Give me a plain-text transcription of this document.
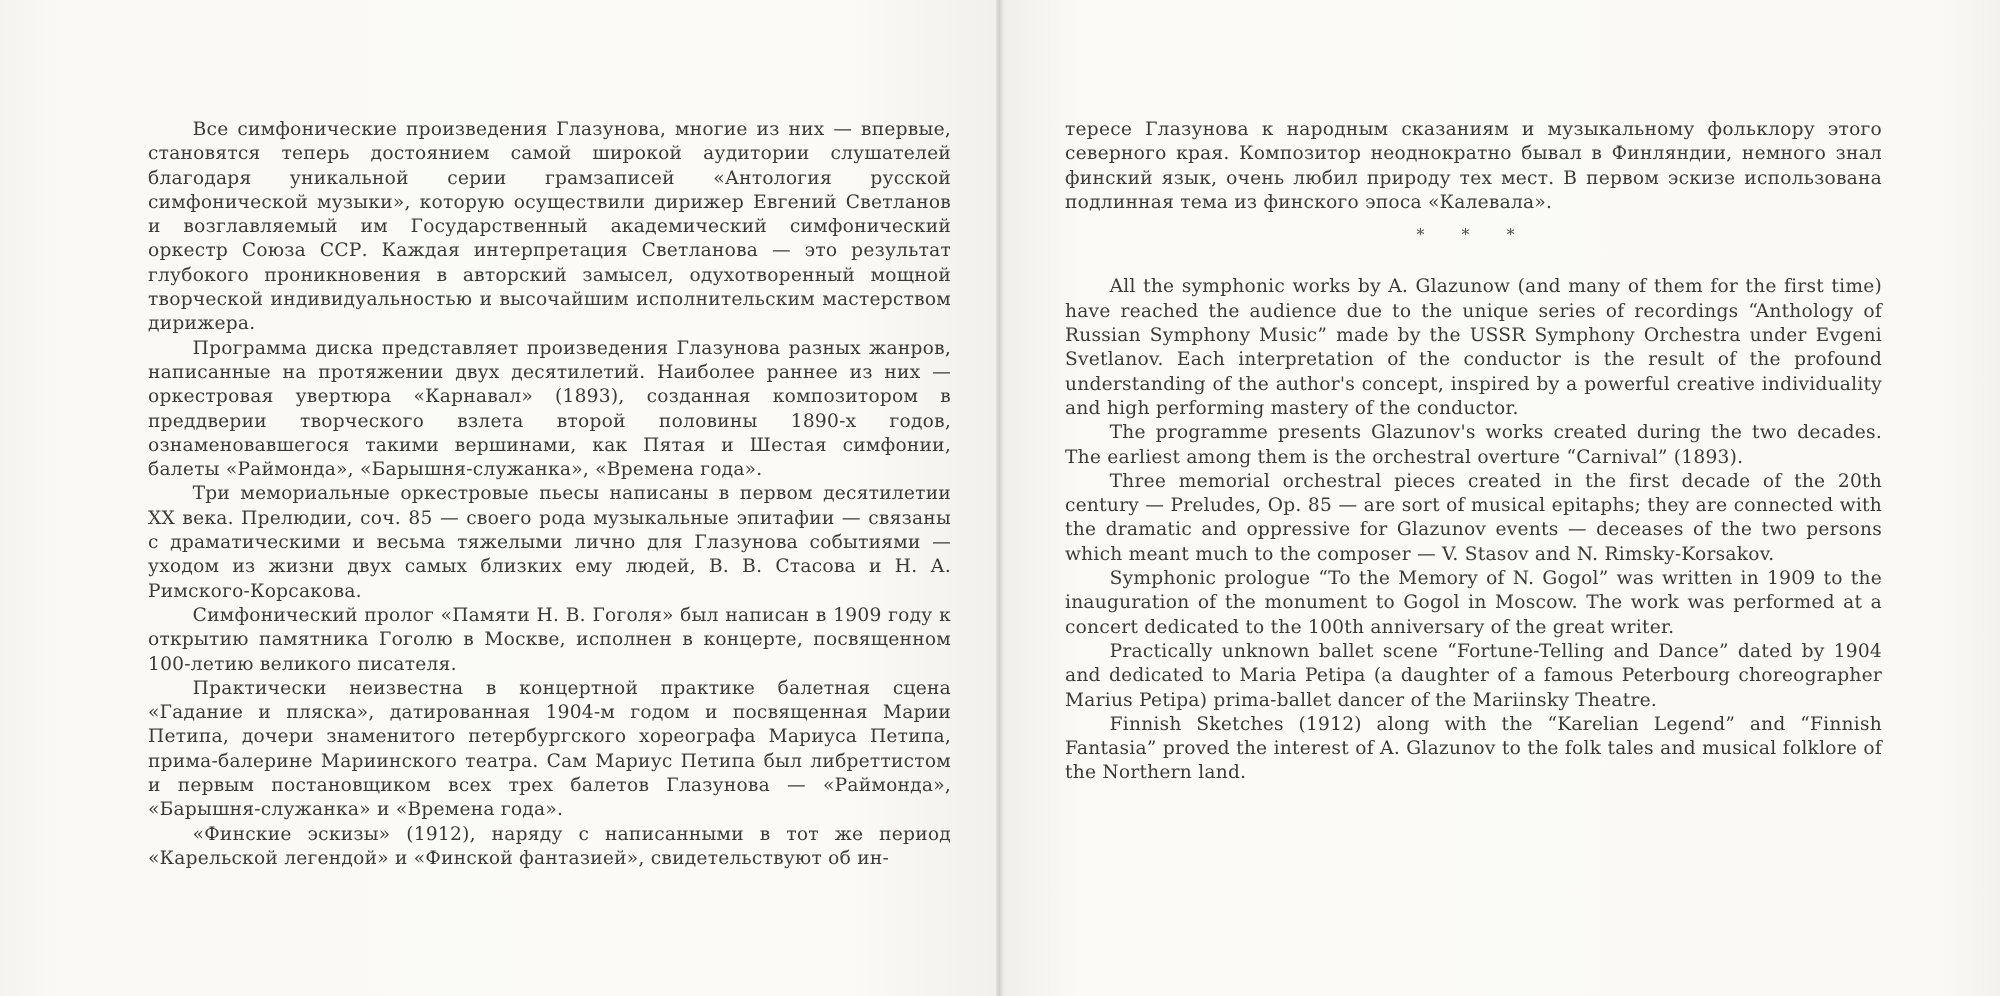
Все симфонические произведения Глазунова, многие из них — впервые, становятся теперь достоянием самой широкой аудитории слушателей благодаря уникальной серии грамзаписей «Антология русской симфонической музыки», которую осуществили дирижер Евгений Светланов и возглавляемый им Государственный академический симфонический оркестр Союза ССР. Каждая интерпретация Светланова — это результат глубокого проникновения в авторский замысел, одухотворенный мощной творческой индивидуальностью и высочайшим исполнительским мастерством дирижера.

Программа диска представляет произведения Глазунова разных жанров, написанные на протяжении двух десятилетий. Наиболее раннее из них — оркестровая увертюра «Карнавал» (1893), созданная композитором в преддверии творческого взлета второй половины 1890-х годов, ознаменовавшегося такими вершинами, как Пятая и Шестая симфонии, балеты «Раймонда», «Барышня-служанка», «Времена года».

Три мемориальные оркестровые пьесы написаны в первом десятилетии XX века. Прелюдии, соч. 85 — своего рода музыкальные эпитафии — связаны с драматическими и весьма тяжелыми лично для Глазунова событиями — уходом из жизни двух самых близких ему людей, В. В. Стасова и Н. А. Римского-Корсакова.

Симфонический пролог «Памяти Н. В. Гоголя» был написан в 1909 году к открытию памятника Гоголю в Москве, исполнен в концерте, посвященном 100-летию великого писателя.

Практически неизвестна в концертной практике балетная сцена «Гадание и пляска», датированная 1904-м годом и посвященная Марии Петипа, дочери знаменитого петербургского хореографа Мариуса Петипа, прима-балерине Мариинского театра. Сам Мариус Петипа был либреттистом и первым постановщиком всех трех балетов Глазунова — «Раймонда», «Барышня-служанка» и «Времена года».

«Финские эскизы» (1912), наряду с написанными в тот же период «Карельской легендой» и «Финской фантазией», свидетельствуют об ин-

тересе Глазунова к народным сказаниям и музыкальному фольклору этого северного края. Композитор неоднократно бывал в Финляндии, немного знал финский язык, очень любил природу тех мест. В первом эскизе использована подлинная тема из финского эпоса «Калевала».

* * *

All the symphonic works by A. Glazunow (and many of them for the first time) have reached the audience due to the unique series of recordings “Anthology of Russian Symphony Music” made by the USSR Symphony Orchestra under Evgeni Svetlanov. Each interpretation of the conductor is the result of the profound understanding of the author's concept, inspired by a powerful creative individuality and high performing mastery of the conductor.

The programme presents Glazunov's works created during the two decades. The earliest among them is the orchestral overture “Carnival” (1893).

Three memorial orchestral pieces created in the first decade of the 20th century — Preludes, Op. 85 — are sort of musical epitaphs; they are connected with the dramatic and oppressive for Glazunov events — deceases of the two persons which meant much to the composer — V. Stasov and N. Rimsky-Korsakov.

Symphonic prologue “To the Memory of N. Gogol” was written in 1909 to the inauguration of the monument to Gogol in Moscow. The work was performed at a concert dedicated to the 100th anniversary of the great writer.

Practically unknown ballet scene “Fortune-Telling and Dance” dated by 1904 and dedicated to Maria Petipa (a daughter of a famous Peterbourg choreographer Marius Petipa) prima-ballet dancer of the Mariinsky Theatre.

Finnish Sketches (1912) along with the “Karelian Legend” and “Finnish Fantasia” proved the interest of A. Glazunov to the folk tales and musical folklore of the Northern land.
